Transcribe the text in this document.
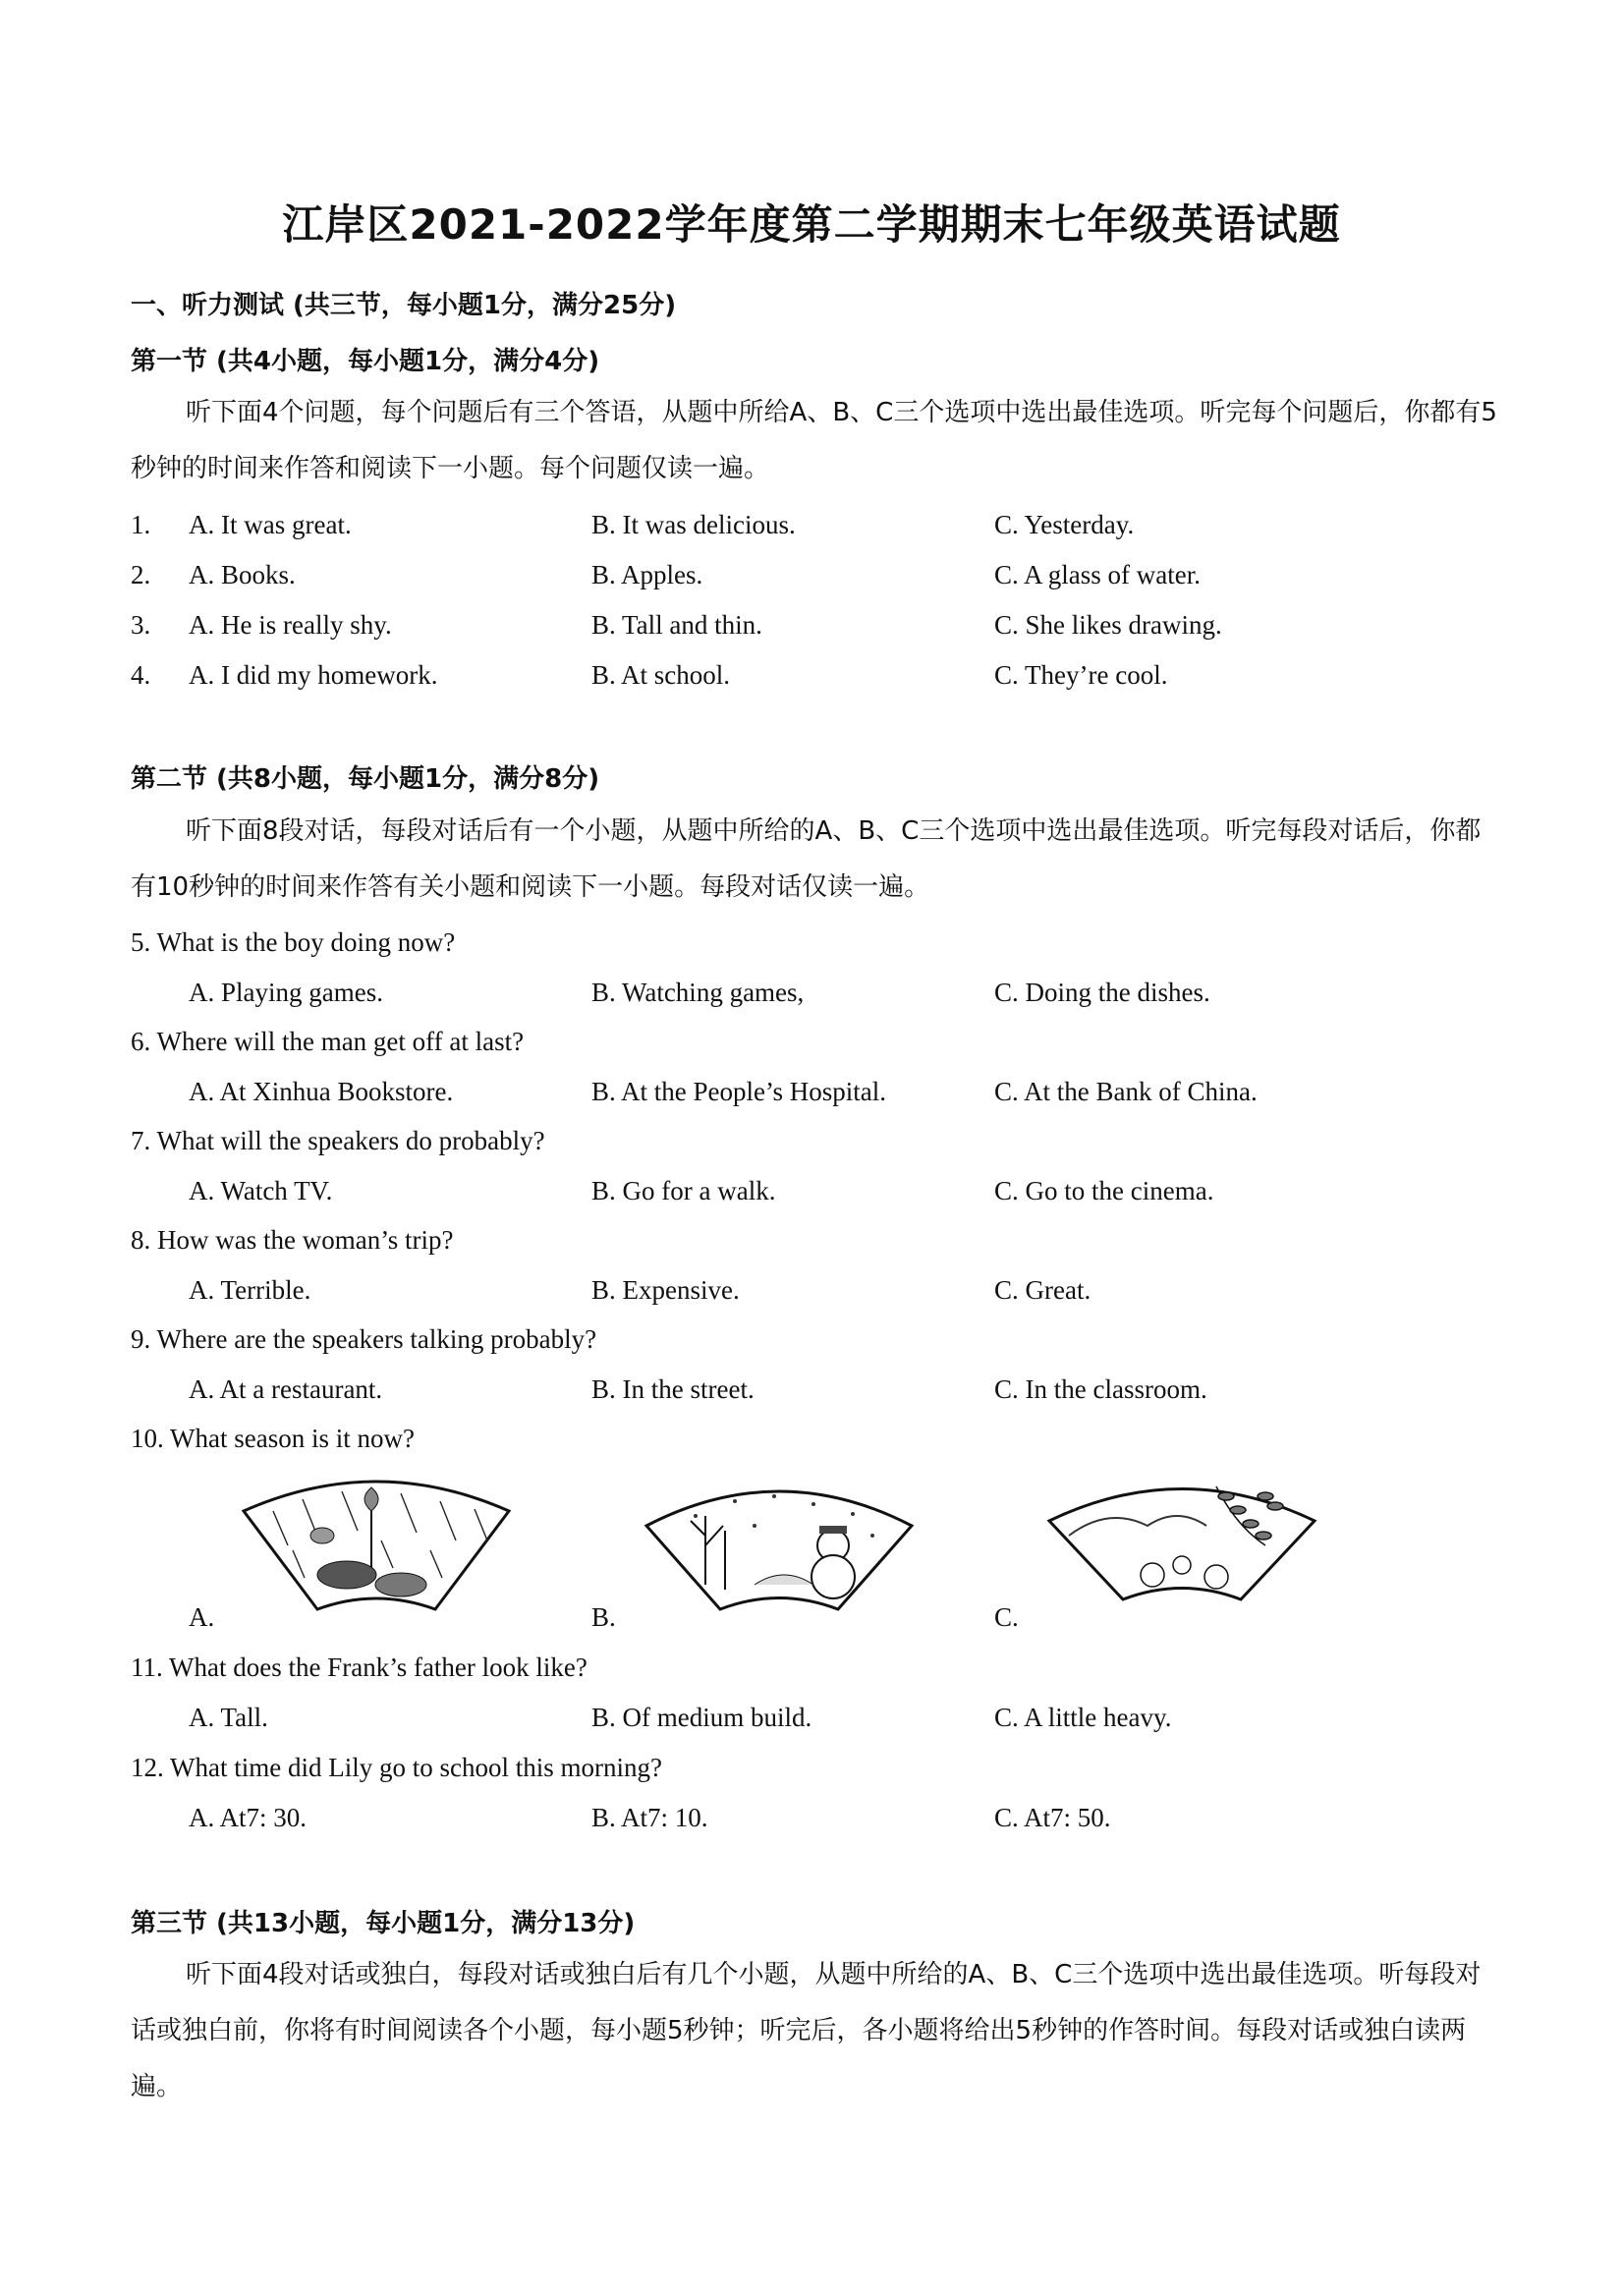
江岸区2021-2022学年度第二学期期末七年级英语试题
一、听力测试 (共三节，每小题1分，满分25分)
第一节 (共4小题，每小题1分，满分4分)
听下面4个问题，每个问题后有三个答语，从题中所给A、B、C三个选项中选出最佳选项。听完每个问题后，你都有5秒钟的时间来作答和阅读下一小题。每个问题仅读一遍。
1. A. It was great.	B. It was delicious.	C. Yesterday.
2. A. Books.	B. Apples.	C. A glass of water.
3. A. He is really shy.	B. Tall and thin.	C. She likes drawing.
4. A. I did my homework.	B. At school.	C. They’re cool.
第二节 (共8小题，每小题1分，满分8分)
听下面8段对话，每段对话后有一个小题，从题中所给的A、B、C三个选项中选出最佳选项。听完每段对话后，你都有10秒钟的时间来作答有关小题和阅读下一小题。每段对话仅读一遍。
5. What is the boy doing now?
A. Playing games.	B. Watching games,	C. Doing the dishes.
6. Where will the man get off at last?
A. At Xinhua Bookstore.	B. At the People’s Hospital.	C. At the Bank of China.
7. What will the speakers do probably?
A. Watch TV.	B. Go for a walk.	C. Go to the cinema.
8. How was the woman’s trip?
A. Terrible.	B. Expensive.	C. Great.
9. Where are the speakers talking probably?
A. At a restaurant.	B. In the street.	C. In the classroom.
10. What season is it now?
A.	B.	C.
11. What does the Frank’s father look like?
A. Tall.	B. Of medium build.	C. A little heavy.
12. What time did Lily go to school this morning?
A. At7: 30.	B. At7: 10.	C. At7: 50.
第三节 (共13小题，每小题1分，满分13分)
听下面4段对话或独白，每段对话或独白后有几个小题，从题中所给的A、B、C三个选项中选出最佳选项。听每段对话或独白前，你将有时间阅读各个小题，每小题5秒钟；听完后，各小题将给出5秒钟的作答时间。每段对话或独白读两遍。
